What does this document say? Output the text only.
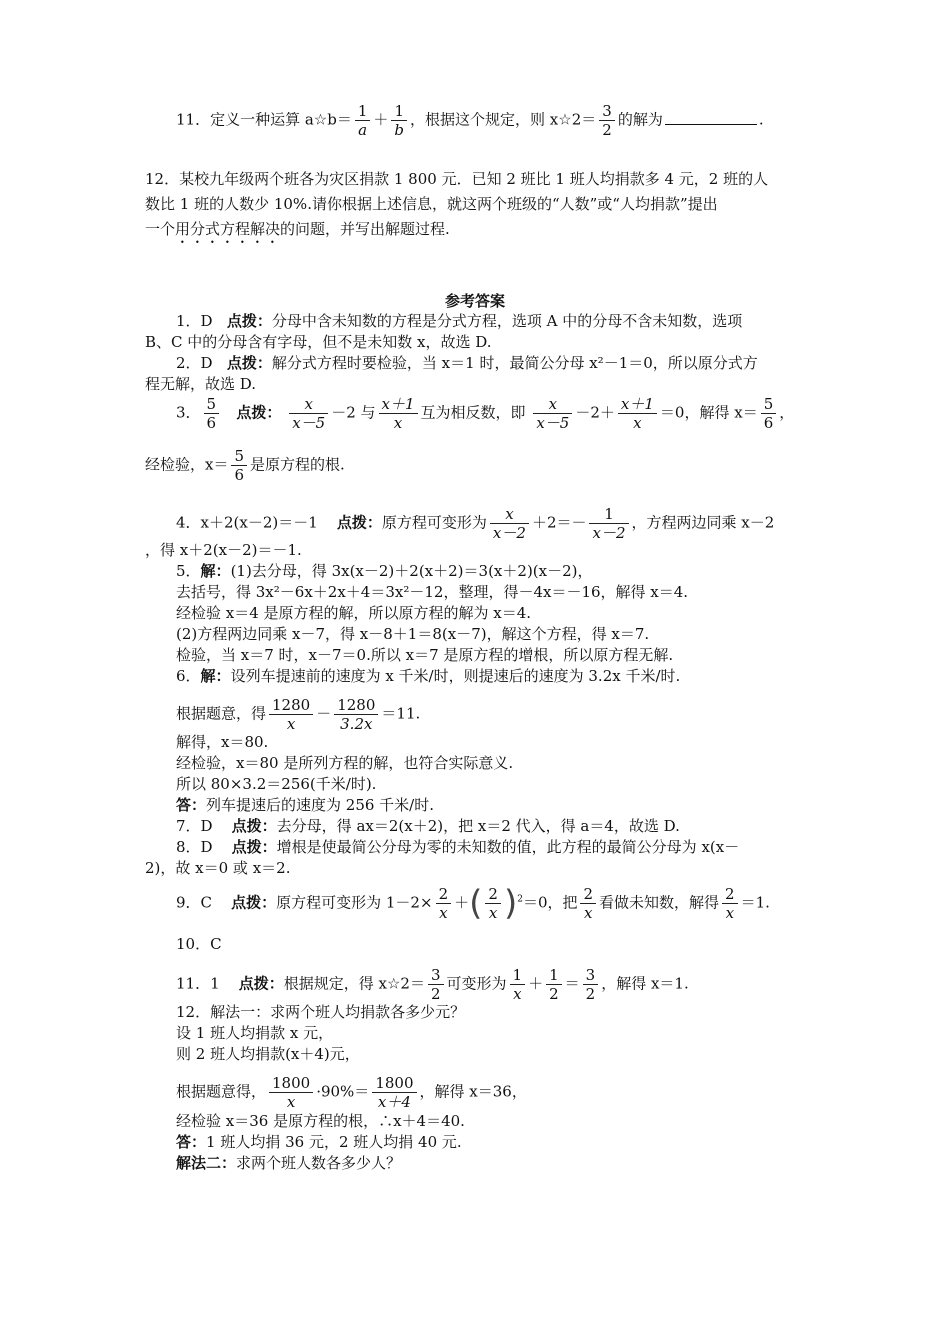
11．定义一种运算 a☆b＝ $\frac{1}{a} + \frac{1}{b}$ ，根据这个规定，则 x☆2＝ $\frac{3}{2}$ 的解为	.
12．某校九年级两个班各为灾区捐款 1 800 元．已知 2 班比 1 班人均捐款多 4 元，2 班的人
数比 1 班的人数少 10%.请你根据上述信息，就这两个班级的“人数”或“人均捐款”提出
一个用分式方程解决的问题，并写出解题过程.
参考答案
1．D 点拨：分母中含未知数的方程是分式方程，选项 A 中的分母不含未知数，选项
B、C 中的分母含有字母，但不是未知数 x，故选 D.
2．D 点拨：解分式方程时要检验，当 x＝1 时，最简公分母 x²－1＝0，所以原分式方
程无解，故选 D.
3． $\frac{5}{6}$ 点拨： $\frac{x}{x-5} -2$ 与 $\frac{x+1}{x}$ 互为相反数，即 $\frac{x}{x-5} -2+ \frac{x+1}{x} =0$，解得 $x= \frac{5}{6}$ ，
经检验，$x= \frac{5}{6}$ 是原方程的根.
4．x＋2(x－2)＝－1 点拨：原方程可变形为 $\frac{x}{x-2} +2=- \frac{1}{x-2}$ ，方程两边同乘 x－2
，得 x＋2(x－2)＝－1.
5．解：(1)去分母，得 3x(x－2)＋2(x＋2)＝3(x＋2)(x－2)，
去括号，得 3x²－6x＋2x＋4＝3x²－12，整理，得－4x＝－16，解得 x＝4.
经检验 x＝4 是原方程的解，所以原方程的解为 x＝4.
(2)方程两边同乘 x－7，得 x－8＋1＝8(x－7)，解这个方程，得 x＝7.
检验，当 x＝7 时，x－7＝0.所以 x＝7 是原方程的增根，所以原方程无解.
6．解：设列车提速前的速度为 x 千米/时，则提速后的速度为 3.2x 千米/时.
根据题意，得 $\frac{1280}{x} - \frac{1280}{3.2x} =11$.
解得，x＝80.
经检验，x＝80 是所列方程的解，也符合实际意义.
所以 80×3.2＝256(千米/时).
答：列车提速后的速度为 256 千米/时.
7．D 点拨：去分母，得 ax＝2(x＋2)，把 x＝2 代入，得 a＝4，故选 D.
8．D 点拨：增根是使最简公分母为零的未知数的值，此方程的最简公分母为 x(x－
2)，故 x＝0 或 x＝2.
9．C 点拨：原方程可变形为 $1-2\times \frac{2}{x}$ ＋( $\frac{2}{x} )^2=0$，把 $\frac{2}{x}$ 看做未知数，解得 $\frac{2}{x} =1$.
10．C
11．1 点拨：根据规定，得 x☆2＝ $\frac{3}{2}$ 可变形为 $\frac{1}{x} + \frac{1}{2} = \frac{3}{2}$ ，解得 x＝1.
12．解法一：求两个班人均捐款各多少元？
设 1 班人均捐款 x 元，
则 2 班人均捐款(x＋4)元，
根据题意得， $\frac{1800}{x} \cdot 90\%= \frac{1800}{x+4}$ ，解得 x＝36，
经检验 x＝36 是原方程的根，∴x＋4＝40.
答：1 班人均捐 36 元，2 班人均捐 40 元.
解法二：求两个班人数各多少人？
